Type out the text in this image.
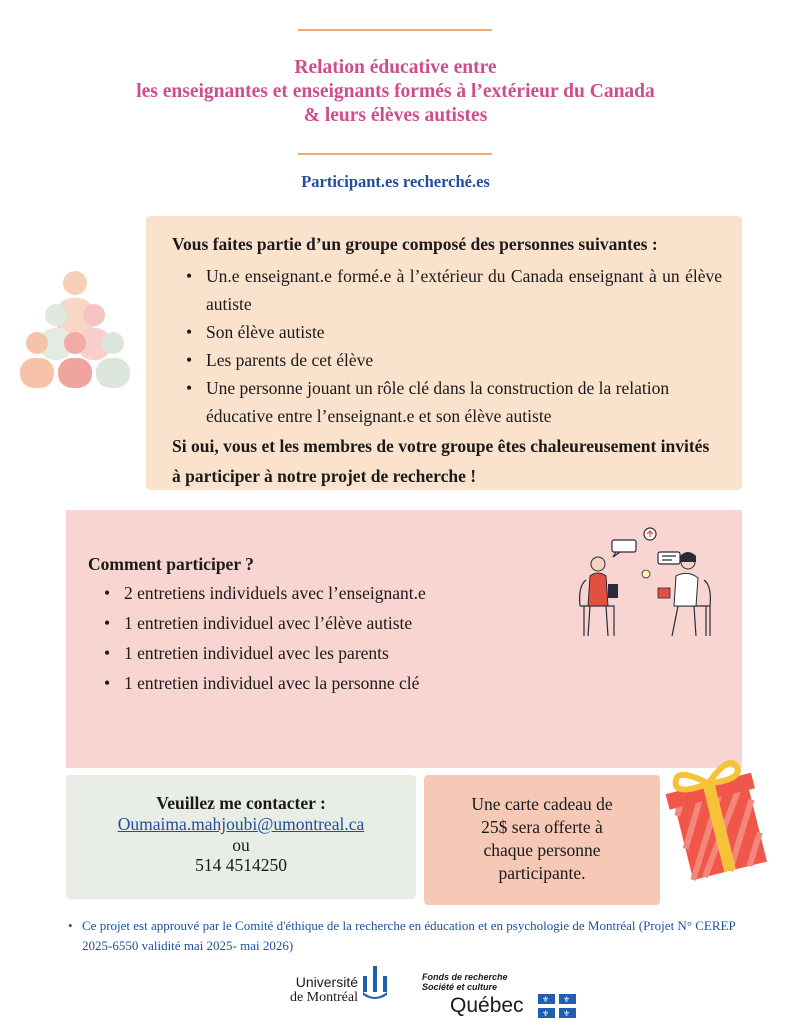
Relation éducative entre
les enseignantes et enseignants formés à l’extérieur du Canada
& leurs élèves autistes
Participant.es recherché.es
Vous faites partie d’un groupe composé des personnes suivantes :
• Un.e enseignant.e formé.e à l’extérieur du Canada enseignant à un élève autiste
• Son élève autiste
• Les parents de cet élève
• Une personne jouant un rôle clé dans la construction de la relation éducative entre l’enseignant.e et son élève autiste
Si oui, vous et les membres de votre groupe êtes chaleureusement invités à participer à notre projet de recherche !
Comment participer ?
• 2 entretiens individuels avec l’enseignant.e
• 1 entretien individuel avec l’élève autiste
• 1 entretien individuel avec les parents
• 1 entretien individuel avec la personne clé
Veuillez me contacter :
Oumaima.mahjoubi@umontreal.ca
ou
514 4514250
Une carte cadeau de
25$ sera offerte à
chaque personne
participante.
• Ce projet est approuvé par le Comité d'éthique de la recherche en éducation et en psychologie de Montréal (Projet N° CEREP 2025-6550 validité mai 2025- mai 2026)
Université
de Montréal
Fonds de recherche
Société et culture
Québec ⚜ ⚜
⚜ ⚜
